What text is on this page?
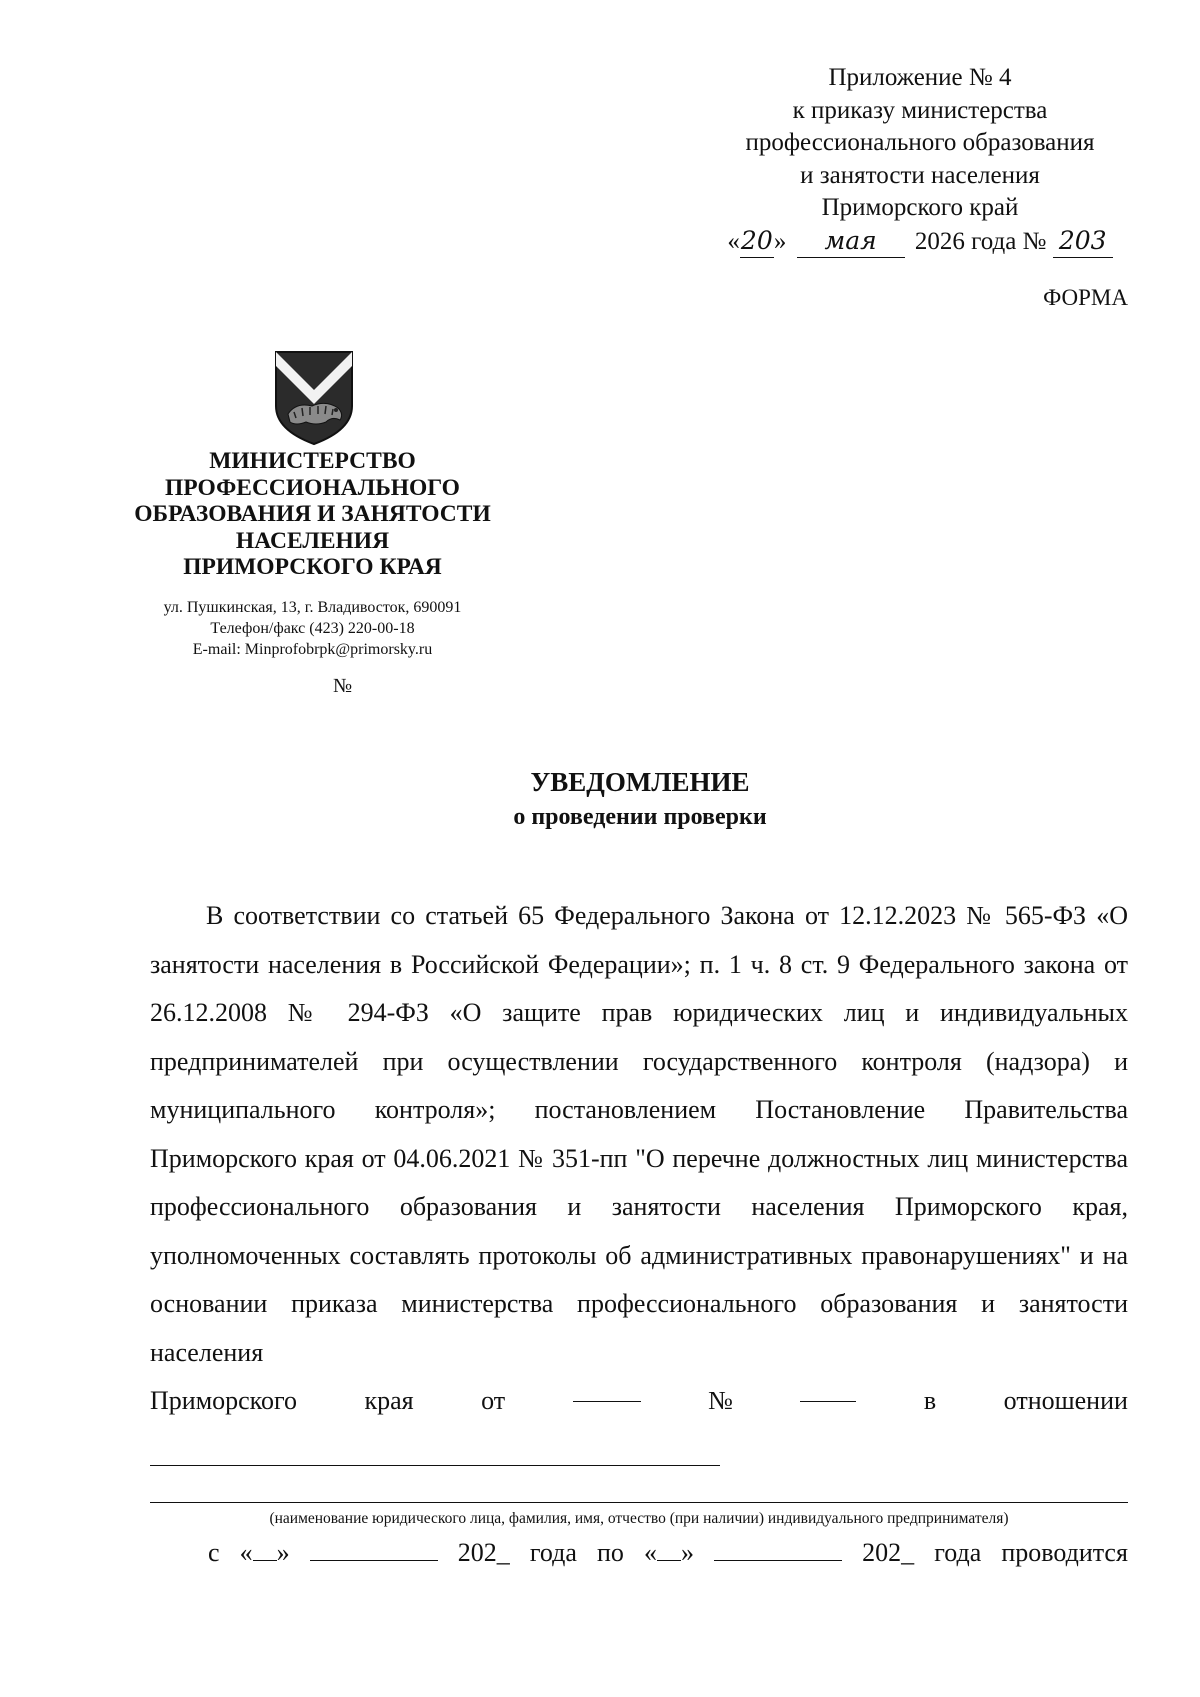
Приложение № 4
к приказу министерства
профессионального образования
и занятости населения
Приморского край
«20» мая 2026 года № 203
ФОРМА
МИНИСТЕРСТВО
ПРОФЕССИОНАЛЬНОГО
ОБРАЗОВАНИЯ И ЗАНЯТОСТИ
НАСЕЛЕНИЯ
ПРИМОРСКОГО КРАЯ
ул. Пушкинская, 13, г. Владивосток, 690091
Телефон/факс (423) 220-00-18
E-mail: Minprofobrpk@primorsky.ru
№
УВЕДОМЛЕНИЕ
о проведении проверки
В соответствии со статьей 65 Федерального Закона от 12.12.2023 № 565-ФЗ «О занятости населения в Российской Федерации»; п. 1 ч. 8 ст. 9 Федерального закона от 26.12.2008 № 294-ФЗ «О защите прав юридических лиц и индивидуальных предпринимателей при осуществлении государственного контроля (надзора) и муниципального контроля»; постановлением Постановление Правительства Приморского края от 04.06.2021 № 351-пп "О перечне должностных лиц министерства профессионального образования и занятости населения Приморского края, уполномоченных составлять протоколы об административных правонарушениях" и на основании приказа министерства профессионального образования и занятости населения
Приморского	края	от	№	в	отношении
(наименование юридического лица, фамилия, имя, отчество (при наличии) индивидуального предпринимателя)
с « »	202_ года по « »	202_ года проводится
